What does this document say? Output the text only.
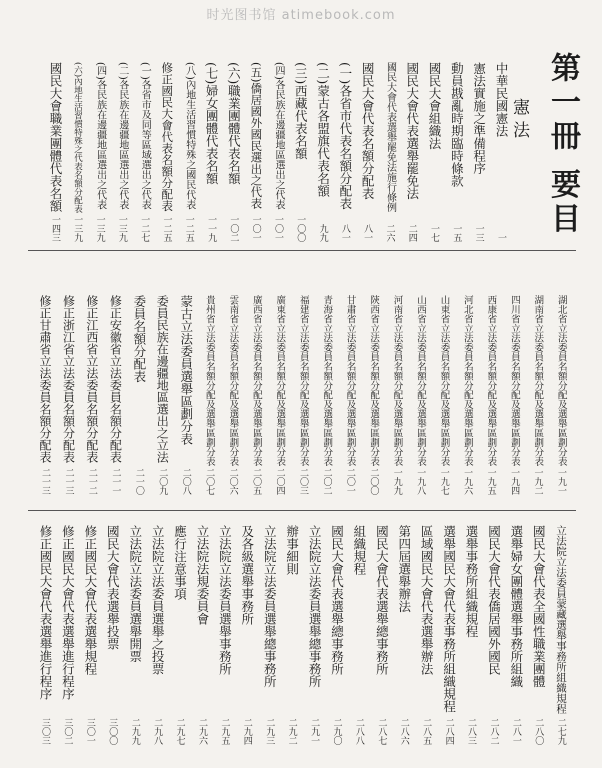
时光图书馆 atimebook.com
第一冊 要目
憲法
中華民國憲法
一
憲法實施之準備程序
一三
動員戡亂時期臨時條款
一五
國民大會組織法
一七
國民大會代表選舉罷免法
二四
國民大會代表選舉罷免法施行條例
二六
國民大會代表名額分配表
八一
(一)各省市代表名額分配表
八一
(二)蒙古各盟旗代表名額
九九
(三)西藏代表名額
一〇〇
(四)各民族在邊疆地區選出之代表
一〇一
(五)僑居國外國民選出之代表
一〇一
(六)職業團體代表名額
一〇二
(七)婦女團體代表名額
一一九
(八)內地生活習慣特殊之國民代表
一二五
修正國民大會代表名額分配表
一二五
(一)各省市及同等區域選出之代表
一二七
(二)各民族在邊疆地區選出之代表
一三九
(四)各民族在邊疆地區選出之代表
一三九
(六)內地生活習慣特殊之代表名額分配表
一三九
國民大會職業團體代表名額
一四三
湖北省立法委員名額分配及選舉區劃分表
一九一
湖南省立法委員名額分配及選舉區劃分表
一九二
四川省立法委員名額分配及選舉區劃分表
一九四
西康省立法委員名額分配及選舉區劃分表
一九五
河北省立法委員名額分配及選舉區劃分表
一九六
山東省立法委員名額分配及選舉區劃分表
一九七
山西省立法委員名額分配及選舉區劃分表
一九八
河南省立法委員名額分配及選舉區劃分表
一九九
陝西省立法委員名額分配及選舉區劃分表
二〇〇
甘肅省立法委員名額分配及選舉區劃分表
二〇一
青海省立法委員名額分配及選舉區劃分表
二〇二
福建省立法委員名額分配及選舉區劃分表
二〇三
廣東省立法委員名額分配及選舉區劃分表
二〇四
廣西省立法委員名額分配及選舉區劃分表
二〇五
雲南省立法委員名額分配及選舉區劃分表
二〇六
貴州省立法委員名額分配及選舉區劃分表
二〇七
蒙古立法委員選舉區劃分表
二〇八
委員民族在邊疆地區選出之立法
二〇九
委員名額分配表
二一〇
修正安徽省立法委員名額分配表
二一一
修正江西省立法委員名額分配表
二一二
修正浙江省立法委員名額分配表
二一三
修正甘肅省立法委員名額分配表
二一三
立法院立法委員蒙藏選舉事務所組織規程
二七九
國民大會代表全國性職業團體
二八〇
選舉婦女團體選舉事務所組織
二八一
國民大會代表僑居國外國民
二八二
選舉事務所組織規程
二八三
選舉國民大會代表事務所組織規程
二八四
區域國民大會代表選舉辦法
二八五
第四屆選舉辦法
二八六
國民大會代表選舉總事務所
二八七
組織規程
二八八
國民大會代表選舉總事務所
二九〇
立法院立法委員選舉總事務所
二九一
辦事細則
二九二
立法院立法委員選舉總事務所
二九三
及各級選舉事務所
二九四
立法院立法委員選舉事務所
二九五
立法院法規委員會
二九六
應行注意事項
二九七
立法院立法委員選舉之投票
二九八
立法院立法委員選舉開票
二九九
國民大會代表選舉投票
三〇〇
修正國民大會代表選舉規程
三〇一
修正國民大會代表選舉進行程序
三〇二
修正國民大會代表選舉進行程序
三〇三
